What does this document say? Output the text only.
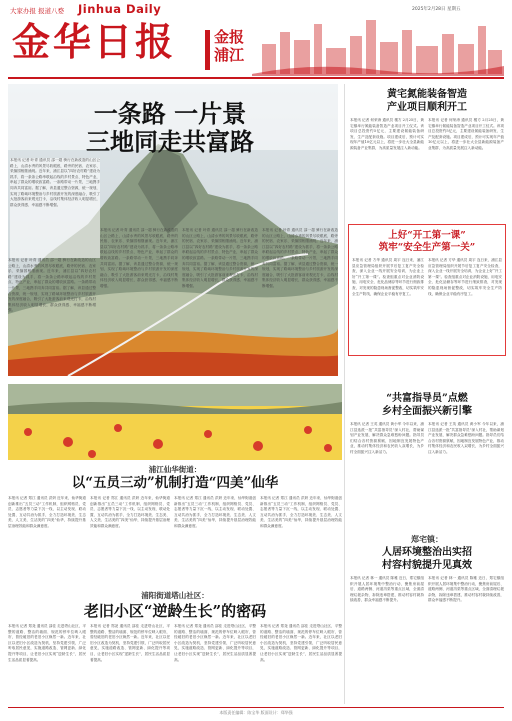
大家办报 报道八婺 Jinhua Daily	2025年2月28日 星期五
金华日报	金报
浦江
一条路 一片景
三地同走共富路
本报讯 记者 叶青 通讯员 邵一超 骑行在新改造的山区公路上，山清水秀的风景尽收眼底，路旁的民宿、农家乐、采摘园相继涌现。近年来，浦江县以“四好农村路”建设为抓手，将一条条公路串联起沿线的乡村景点、特色产业，串起了群众的增收致富路。一条路带动一片景，三地携手同奔共同富裕。据了解，该县通过整合资源，统一规划，实现了路域环境整治与乡村旅游开发的深度融合，吸引了大批游客前来观光打卡，沿线村集体经济收入明显增长，群众获得感、幸福感不断增强。
本报讯 记者 叶青 通讯员 邵一超 骑行在新改造的山区公路上，山清水秀的风景尽收眼底，路旁的民宿、农家乐、采摘园相继涌现。近年来，浦江县以“四好农村路”建设为抓手，将一条条公路串联起沿线的乡村景点、特色产业，串起了群众的增收致富路。一条路带动一片景，三地携手同奔共同富裕。据了解，该县通过整合资源，统一规划，实现了路域环境整治与乡村旅游开发的深度融合，吸引了大批游客前来观光打卡，沿线村集体经济收入明显增长，群众获得感、幸福感不断增强。
本报讯 记者 叶青 通讯员 邵一超 骑行在新改造的山区公路上，山清水秀的风景尽收眼底，路旁的民宿、农家乐、采摘园相继涌现。近年来，浦江县以“四好农村路”建设为抓手，将一条条公路串联起沿线的乡村景点、特色产业，串起了群众的增收致富路。一条路带动一片景，三地携手同奔共同富裕。据了解，该县通过整合资源，统一规划，实现了路域环境整治与乡村旅游开发的深度融合，吸引了大批游客前来观光打卡，沿线村集体经济收入明显增长，群众获得感、幸福感不断增强。
本报讯 记者 叶青 通讯员 邵一超 骑行在新改造的山区公路上，山清水秀的风景尽收眼底，路旁的民宿、农家乐、采摘园相继涌现。近年来，浦江县以“四好农村路”建设为抓手，将一条条公路串联起沿线的乡村景点、特色产业，串起了群众的增收致富路。一条路带动一片景，三地携手同奔共同富裕。据了解，该县通过整合资源，统一规划，实现了路域环境整治与乡村旅游开发的深度融合，吸引了大批游客前来观光打卡，沿线村集体经济收入明显增长，群众获得感、幸福感不断增强。
本报讯 记者 叶青 通讯员 邵一超 骑行在新改造的山区公路上，山清水秀的风景尽收眼底，路旁的民宿、农家乐、采摘园相继涌现。近年来，浦江县以“四好农村路”建设为抓手，将一条条公路串联起沿线的乡村景点、特色产业，串起了群众的增收致富路。一条路带动一片景，三地携手同奔共同富裕。据了解，该县通过整合资源，统一规划，实现了路域环境整治与乡村旅游开发的深度融合，吸引了大批游客前来观光打卡，沿线村集体经济收入明显增长，群众获得感、幸福感不断增强。
黄宅氮能装备智造
产业项目顺利开工
本报讯 记者 何荣涛 通讯员 楼方 2月25日，黄宅镇举行氮能装备智造产业项目开工仪式。该项目总投资约5亿元，主要建设氮能装备研发、生产及配套设施。项目建成后，预计可实现年产值10亿元以上，将进一步壮大全县新能源装备产业集群，为高质量发展注入新动能。
本报讯 记者 何荣涛 通讯员 楼方 2月25日，黄宅镇举行氮能装备智造产业项目开工仪式。该项目总投资约5亿元，主要建设氮能装备研发、生产及配套设施。项目建成后，预计可实现年产值10亿元以上，将进一步壮大全县新能源装备产业集群，为高质量发展注入新动能。
上好“开工第一课”
筑牢“安全生产第一关”
本报讯 记者 方华 通讯员 周宇 连日来，浦江县应急管理局组织开展节后复工复产安全检查，深入企业一线开展安全培训，为企业上好“开工第一课”。检查组重点对企业消防设施、用电安全、危化品储存等环节进行细致排查，对发现的隐患现场督促整改，切实筑牢安全生产防线，确保企业平稳有序复工。
本报讯 记者 方华 通讯员 周宇 连日来，浦江县应急管理局组织开展节后复工复产安全检查，深入企业一线开展安全培训，为企业上好“开工第一课”。检查组重点对企业消防设施、用电安全、危化品储存等环节进行细致排查，对发现的隐患现场督促整改，切实筑牢安全生产防线，确保企业平稳有序复工。
“共富指导员”点燃
乡村全面振兴新引擎
本报讯 记者 王英 通讯员 黄小军 今年以来，浦江县选派一批“共富指导员”深入村社，帮助谋划产业发展、解决群众急难愁盼问题。指导员们结合各村资源禀赋，因地制宜发展特色产业，推动村集体经济和农民收入双增长，为乡村全面振兴注入新活力。
本报讯 记者 王英 通讯员 黄小军 今年以来，浦江县选派一批“共富指导员”深入村社，帮助谋划产业发展、解决群众急难愁盼问题。指导员们结合各村资源禀赋，因地制宜发展特色产业，推动村集体经济和农民收入双增长，为乡村全面振兴注入新活力。
郑宅镇：
人居环境整治出实招
村容村貌提升见真效
本报讯 记者 林一 通讯员 陈雅 近日，郑宅镇组织开展人居环境集中整治行动，聚焦房前屋后、道路两侧、河道沟渠等重点区域，全面清理垃圾杂物，拆除违章搭建，推动村容村貌持续改善，群众幸福感不断提升。
本报讯 记者 林一 通讯员 陈雅 近日，郑宅镇组织开展人居环境集中整治行动，聚焦房前屋后、道路两侧、河道沟渠等重点区域，全面清理垃圾杂物，拆除违章搭建，推动村容村貌持续改善，群众幸福感不断提升。
浦江仙华街道：
以“五员三动”机制打造“四美”仙华
本报讯 记者 郑江 通讯员 洪妍 近年来，仙华街道创新推出“五员三动”工作机制，组织网格员、党员、志愿者等力量下沉一线，以主动发现、联动处置、互动共治为抓手，全力打造环境美、生态美、人文美、生活美的“四美”仙华，持续提升基层治理效能和群众满意度。
本报讯 记者 郑江 通讯员 洪妍 近年来，仙华街道创新推出“五员三动”工作机制，组织网格员、党员、志愿者等力量下沉一线，以主动发现、联动处置、互动共治为抓手，全力打造环境美、生态美、人文美、生活美的“四美”仙华，持续提升基层治理效能和群众满意度。
本报讯 记者 郑江 通讯员 洪妍 近年来，仙华街道创新推出“五员三动”工作机制，组织网格员、党员、志愿者等力量下沉一线，以主动发现、联动处置、互动共治为抓手，全力打造环境美、生态美、人文美、生活美的“四美”仙华，持续提升基层治理效能和群众满意度。
本报讯 记者 郑江 通讯员 洪妍 近年来，仙华街道创新推出“五员三动”工作机制，组织网格员、党员、志愿者等力量下沉一线，以主动发现、联动处置、互动共治为抓手，全力打造环境美、生态美、人文美、生活美的“四美”仙华，持续提升基层治理效能和群众满意度。
浦阳街道塔山社区：
老旧小区“逆龄生长”的密码
本报讯 记者 郑尧 通讯员 邵佳 走进塔山社区，平整的道路、整洁的墙面、规范的停车位映入眼帘，曾经破旧的老旧小区焕然一新。近年来，社区以老旧小区改造为契机，坚持党建引领，广泛听取居民意见，实施道路改造、管网更新、绿化提升等项目，让老旧小区实现“逆龄生长”，居民生活品质显著提高。
本报讯 记者 郑尧 通讯员 邵佳 走进塔山社区，平整的道路、整洁的墙面、规范的停车位映入眼帘，曾经破旧的老旧小区焕然一新。近年来，社区以老旧小区改造为契机，坚持党建引领，广泛听取居民意见，实施道路改造、管网更新、绿化提升等项目，让老旧小区实现“逆龄生长”，居民生活品质显著提高。
本报讯 记者 郑尧 通讯员 邵佳 走进塔山社区，平整的道路、整洁的墙面、规范的停车位映入眼帘，曾经破旧的老旧小区焕然一新。近年来，社区以老旧小区改造为契机，坚持党建引领，广泛听取居民意见，实施道路改造、管网更新、绿化提升等项目，让老旧小区实现“逆龄生长”，居民生活品质显著提高。
本报讯 记者 郑尧 通讯员 邵佳 走进塔山社区，平整的道路、整洁的墙面、规范的停车位映入眼帘，曾经破旧的老旧小区焕然一新。近年来，社区以老旧小区改造为契机，坚持党建引领，广泛听取居民意见，实施道路改造、管网更新、绿化提升等项目，让老旧小区实现“逆龄生长”，居民生活品质显著提高。
本版责任编辑：陈宝华 版面设计：郑华强
